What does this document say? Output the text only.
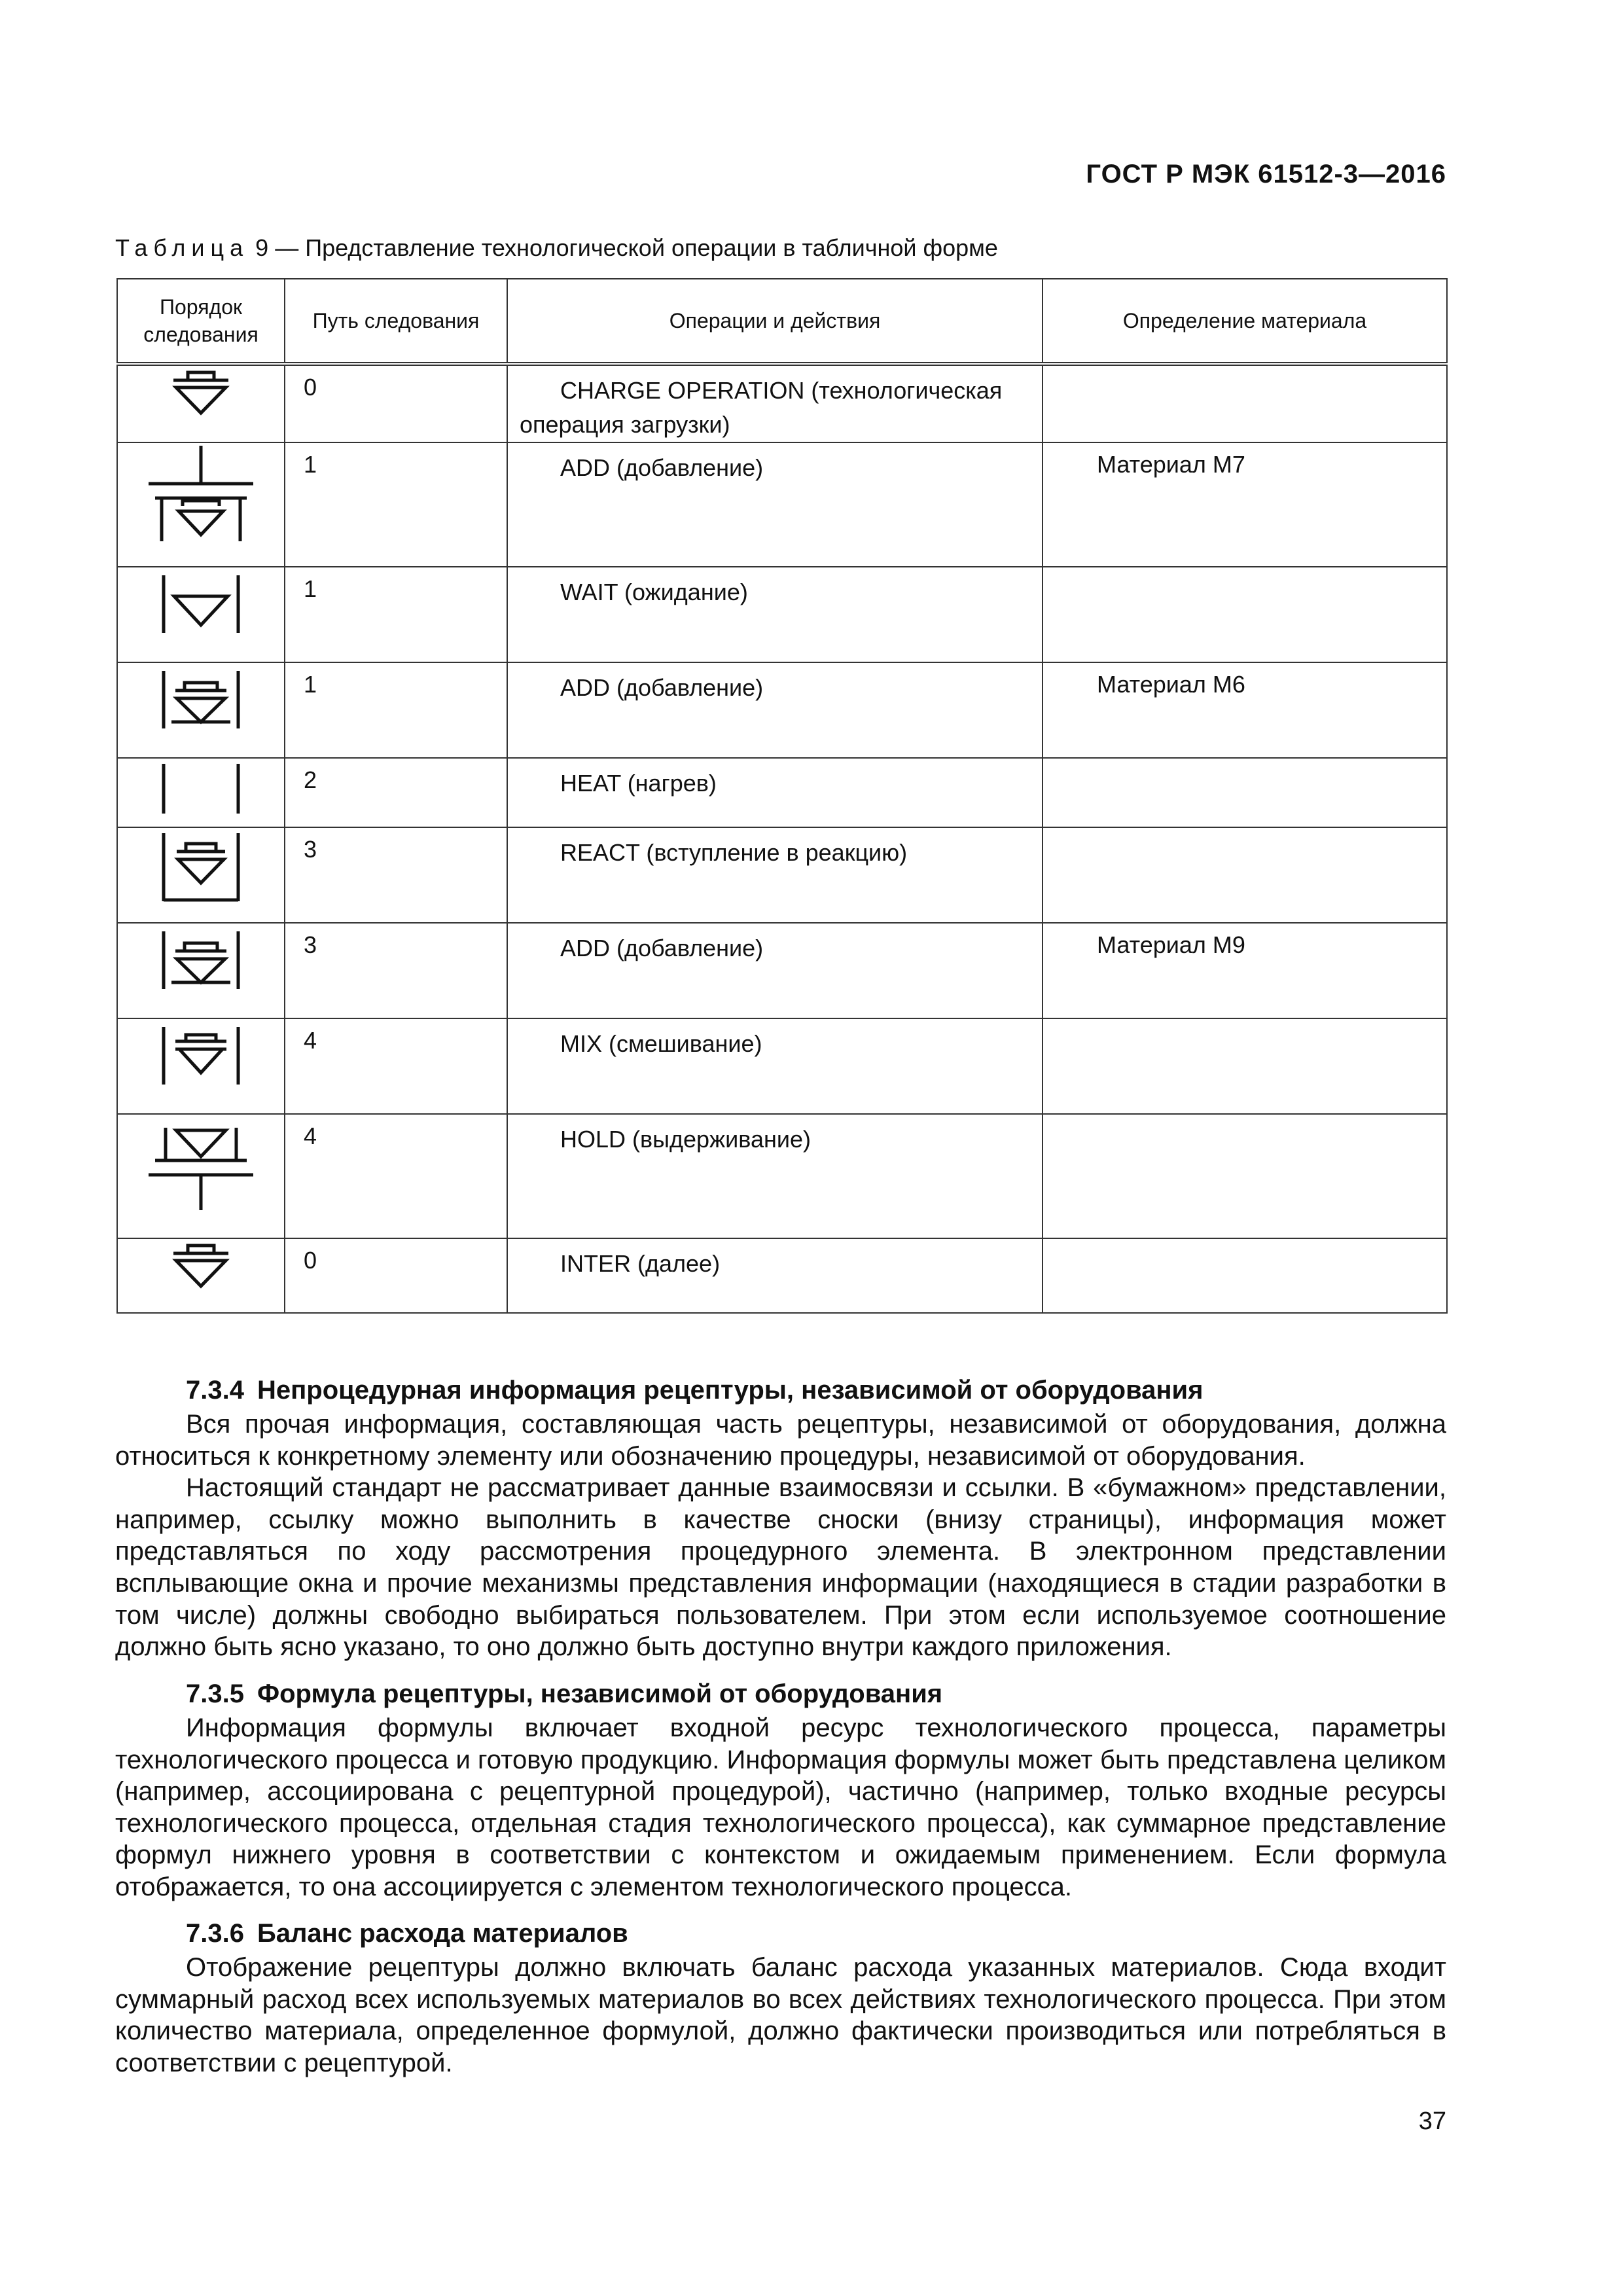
ГОСТ Р МЭК 61512-3—2016
Таблица 9 — Представление технологической операции в табличной форме
Порядок следования	Путь следования	Операции и действия	Определение материала

	0	CHARGE OPERATION (технологическая
операция загрузки)	

	1	ADD (добавление)	Материал М7

	1	WAIT (ожидание)	

	1	ADD (добавление)	Материал М6

	2	HEAT (нагрев)	

	3	REACT (вступление в реакцию)	

	3	ADD (добавление)	Материал М9

	4	MIX (смешивание)	

	4	HOLD (выдерживание)	

	0	INTER (далее)	

7.3.4 Непроцедурная информация рецептуры, независимой от оборудования

Вся прочая информация, составляющая часть рецептуры, независимой от оборудования, должна относиться к конкретному элементу или обозначению процедуры, независимой от оборудования.

Настоящий стандарт не рассматривает данные взаимосвязи и ссылки. В «бумажном» представлении, например, ссылку можно выполнить в качестве сноски (внизу страницы), информация может представляться по ходу рассмотрения процедурного элемента. В электронном представлении всплывающие окна и прочие механизмы представления информации (находящиеся в стадии разработки в том числе) должны свободно выбираться пользователем. При этом если используемое соотношение должно быть ясно указано, то оно должно быть доступно внутри каждого приложения.

7.3.5 Формула рецептуры, независимой от оборудования

Информация формулы включает входной ресурс технологического процесса, параметры технологического процесса и готовую продукцию. Информация формулы может быть представлена целиком (например, ассоциирована с рецептурной процедурой), частично (например, только входные ресурсы технологического процесса, отдельная стадия технологического процесса), как суммарное представление формул нижнего уровня в соответствии с контекстом и ожидаемым применением. Если формула отображается, то она ассоциируется с элементом технологического процесса.

7.3.6 Баланс расхода материалов

Отображение рецептуры должно включать баланс расхода указанных материалов. Сюда входит суммарный расход всех используемых материалов во всех действиях технологического процесса. При этом количество материала, определенное формулой, должно фактически производиться или потребляться в соответствии с рецептурой.

37
